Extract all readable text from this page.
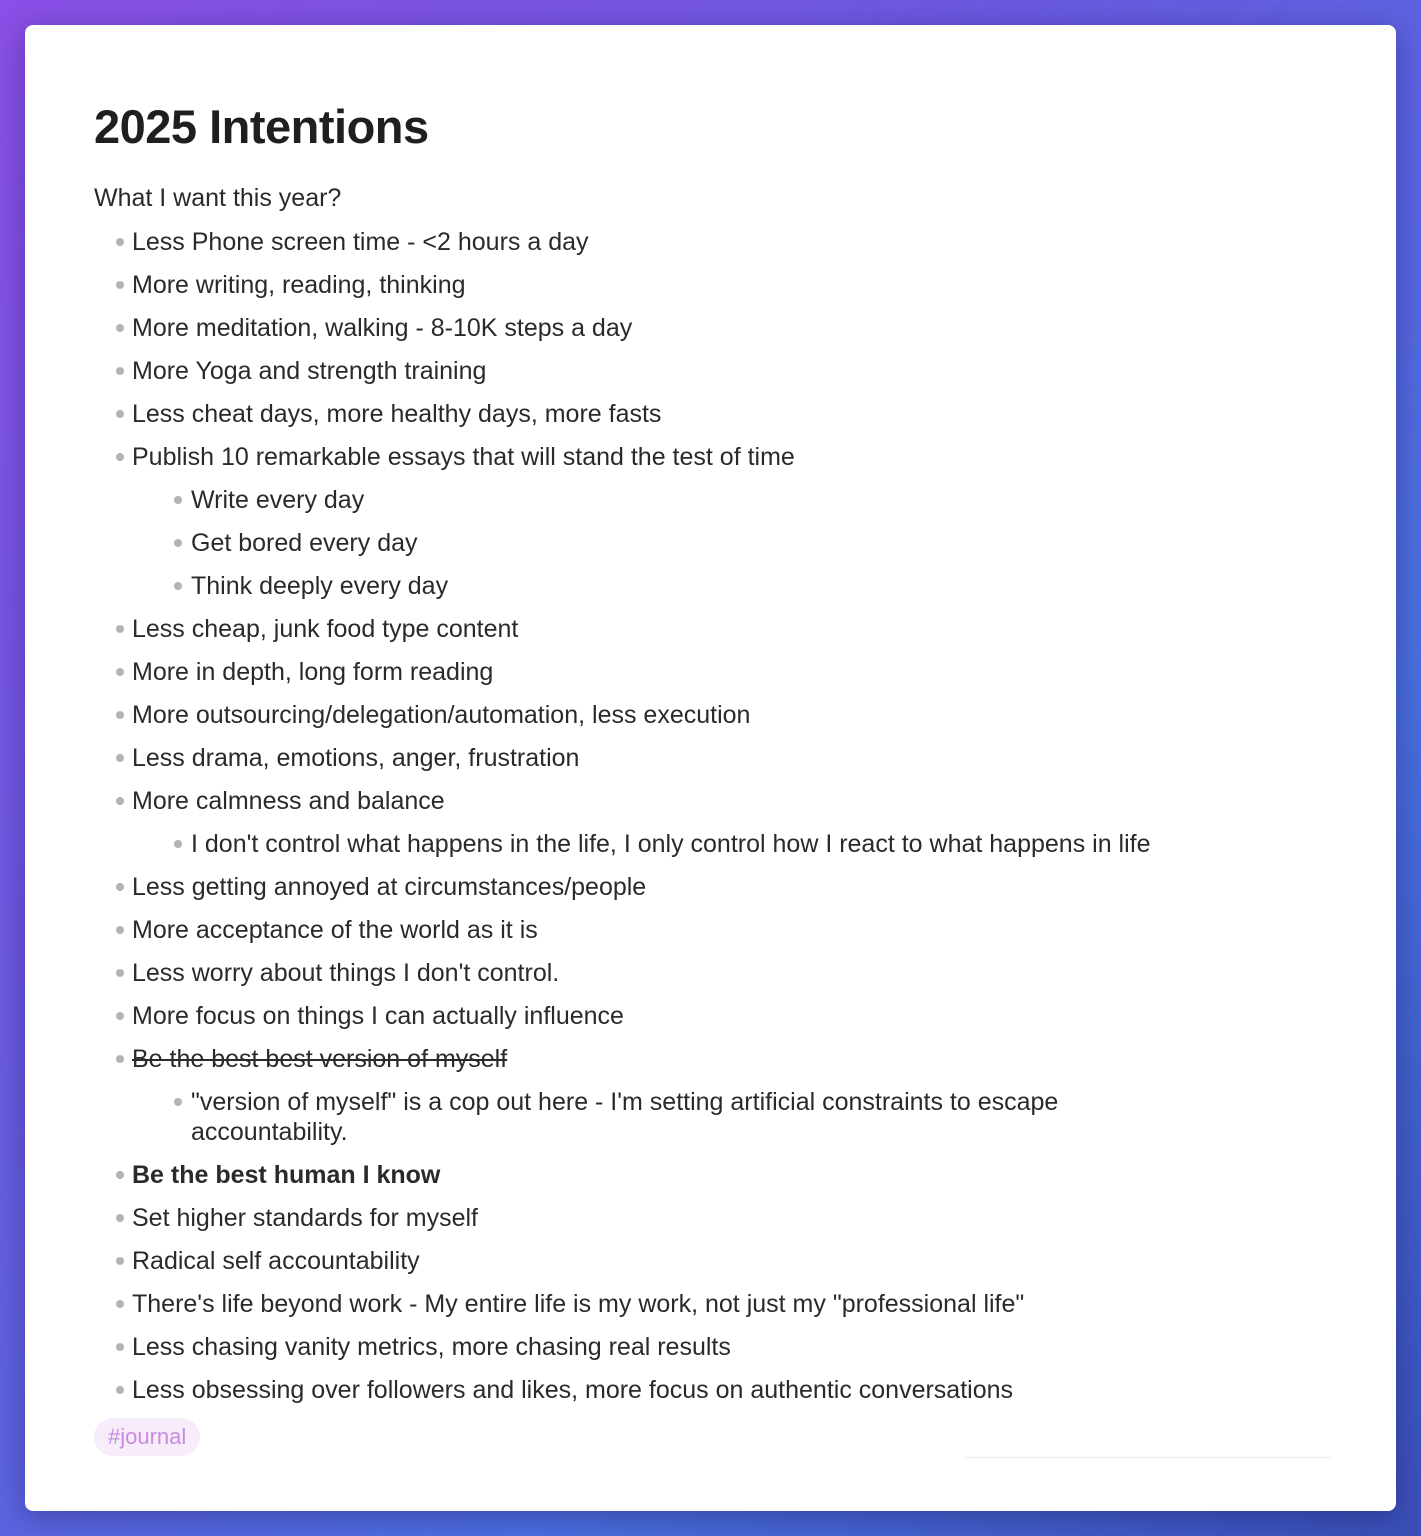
2025 Intentions
What I want this year?
Less Phone screen time - <2 hours a day
More writing, reading, thinking
More meditation, walking - 8-10K steps a day
More Yoga and strength training
Less cheat days, more healthy days, more fasts
Publish 10 remarkable essays that will stand the test of time
Write every day
Get bored every day
Think deeply every day
Less cheap, junk food type content
More in depth, long form reading
More outsourcing/delegation/automation, less execution
Less drama, emotions, anger, frustration
More calmness and balance
I don't control what happens in the life, I only control how I react to what happens in life
Less getting annoyed at circumstances/people
More acceptance of the world as it is
Less worry about things I don't control.
More focus on things I can actually influence
Be the best best version of myself
"version of myself" is a cop out here - I'm setting artificial constraints to escape accountability.
Be the best human I know
Set higher standards for myself
Radical self accountability
There's life beyond work - My entire life is my work, not just my "professional life"
Less chasing vanity metrics, more chasing real results
Less obsessing over followers and likes, more focus on authentic conversations
#journal
